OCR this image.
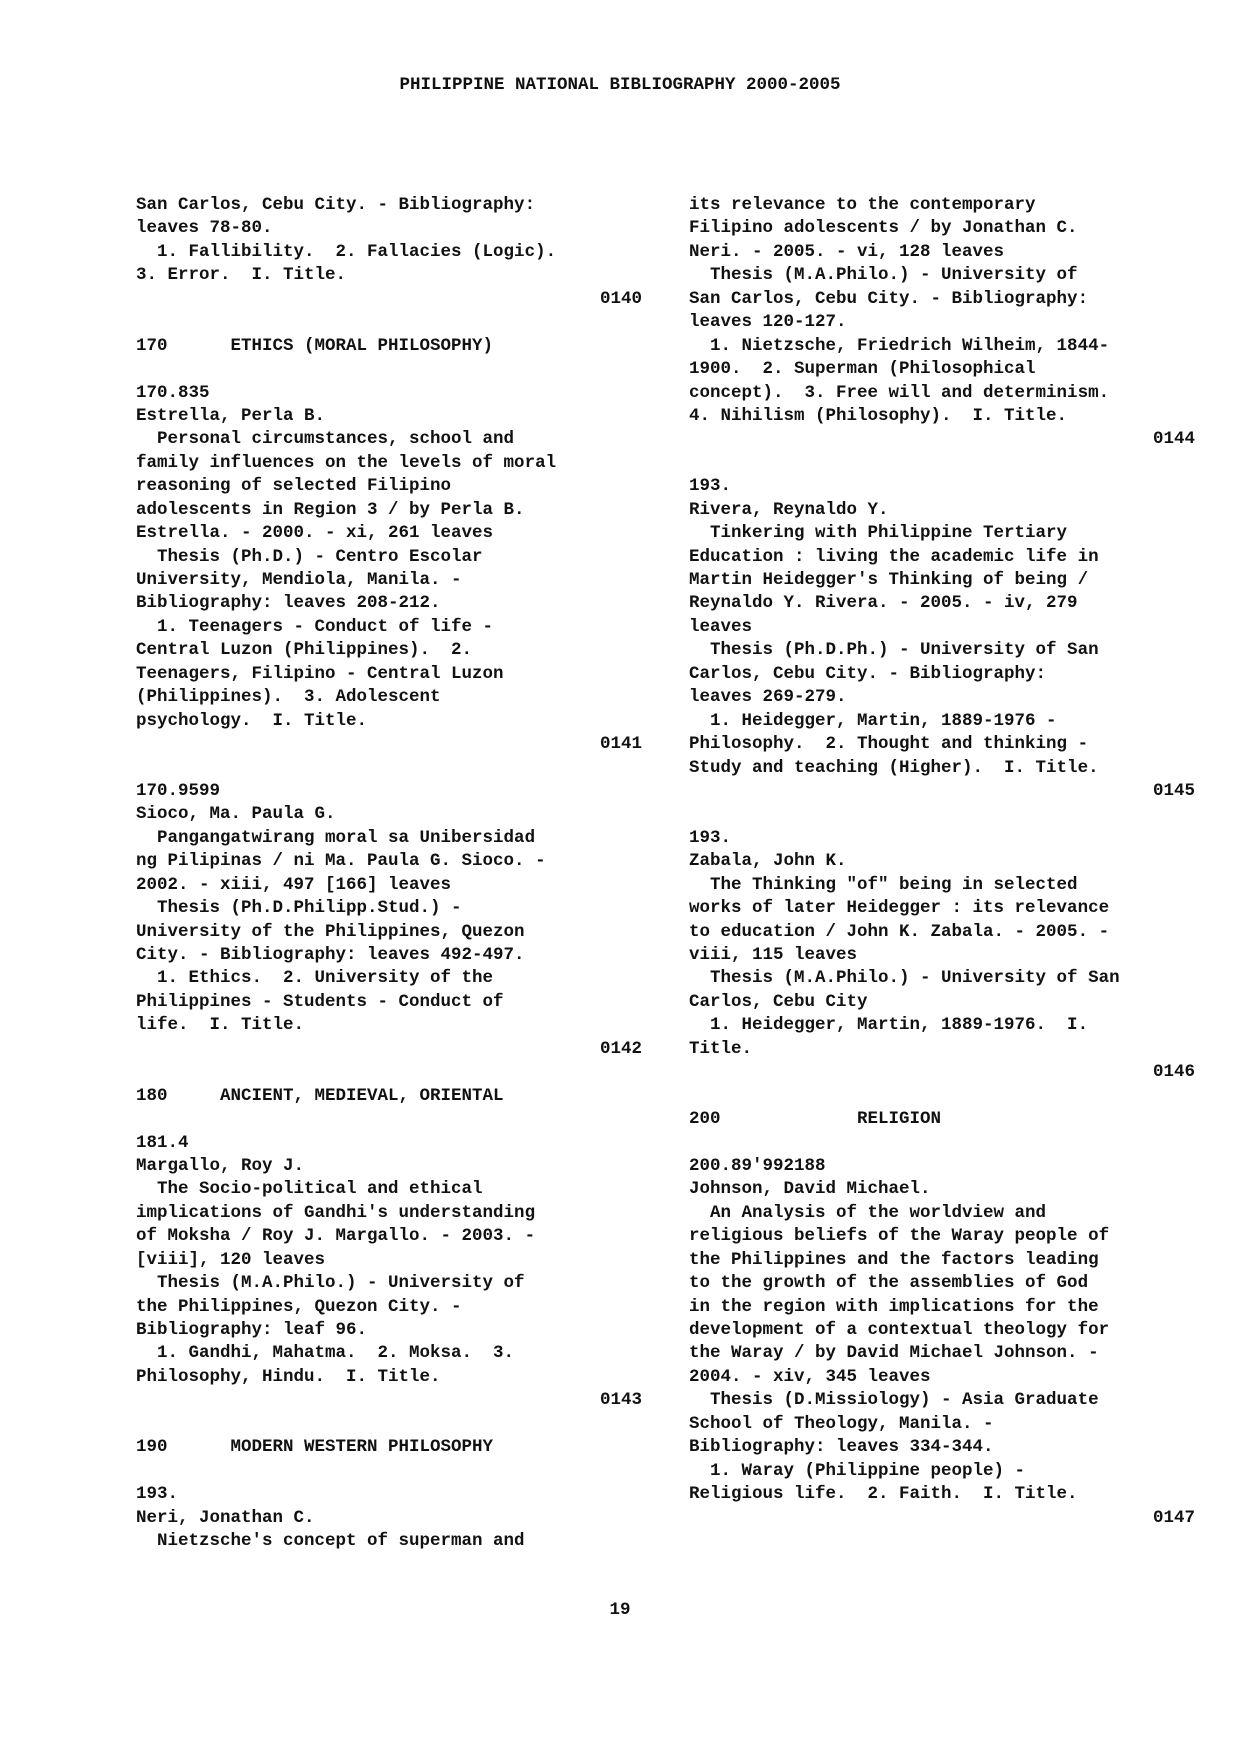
PHILIPPINE NATIONAL BIBLIOGRAPHY 2000-2005
San Carlos, Cebu City. - Bibliography:
leaves 78-80.
1. Fallibility.  2. Fallacies (Logic).
3. Error.  I. Title.
0140
170      ETHICS (MORAL PHILOSOPHY)
170.835
Estrella, Perla B.
Personal circumstances, school and
family influences on the levels of moral
reasoning of selected Filipino
adolescents in Region 3 / by Perla B.
Estrella. - 2000. - xi, 261 leaves
Thesis (Ph.D.) - Centro Escolar
University, Mendiola, Manila. -
Bibliography: leaves 208-212.
1. Teenagers - Conduct of life -
Central Luzon (Philippines).  2.
Teenagers, Filipino - Central Luzon
(Philippines).  3. Adolescent
psychology.  I. Title.
0141
170.9599
Sioco, Ma. Paula G.
Pangangatwirang moral sa Unibersidad
ng Pilipinas / ni Ma. Paula G. Sioco. -
2002. - xiii, 497 [166] leaves
Thesis (Ph.D.Philipp.Stud.) -
University of the Philippines, Quezon
City. - Bibliography: leaves 492-497.
1. Ethics.  2. University of the
Philippines - Students - Conduct of
life.  I. Title.
0142
180     ANCIENT, MEDIEVAL, ORIENTAL
181.4
Margallo, Roy J.
The Socio-political and ethical
implications of Gandhi's understanding
of Moksha / Roy J. Margallo. - 2003. -
[viii], 120 leaves
Thesis (M.A.Philo.) - University of
the Philippines, Quezon City. -
Bibliography: leaf 96.
1. Gandhi, Mahatma.  2. Moksa.  3.
Philosophy, Hindu.  I. Title.
0143
190      MODERN WESTERN PHILOSOPHY
193.
Neri, Jonathan C.
Nietzsche's concept of superman and
its relevance to the contemporary
Filipino adolescents / by Jonathan C.
Neri. - 2005. - vi, 128 leaves
Thesis (M.A.Philo.) - University of
San Carlos, Cebu City. - Bibliography:
leaves 120-127.
1. Nietzsche, Friedrich Wilheim, 1844-
1900.  2. Superman (Philosophical
concept).  3. Free will and determinism.
4. Nihilism (Philosophy).  I. Title.
0144
193.
Rivera, Reynaldo Y.
Tinkering with Philippine Tertiary
Education : living the academic life in
Martin Heidegger's Thinking of being /
Reynaldo Y. Rivera. - 2005. - iv, 279
leaves
Thesis (Ph.D.Ph.) - University of San
Carlos, Cebu City. - Bibliography:
leaves 269-279.
1. Heidegger, Martin, 1889-1976 -
Philosophy.  2. Thought and thinking -
Study and teaching (Higher).  I. Title.
0145
193.
Zabala, John K.
The Thinking "of" being in selected
works of later Heidegger : its relevance
to education / John K. Zabala. - 2005. -
viii, 115 leaves
Thesis (M.A.Philo.) - University of San
Carlos, Cebu City
1. Heidegger, Martin, 1889-1976.  I.
Title.
0146
200             RELIGION
200.89'992188
Johnson, David Michael.
An Analysis of the worldview and
religious beliefs of the Waray people of
the Philippines and the factors leading
to the growth of the assemblies of God
in the region with implications for the
development of a contextual theology for
the Waray / by David Michael Johnson. -
2004. - xiv, 345 leaves
Thesis (D.Missiology) - Asia Graduate
School of Theology, Manila. -
Bibliography: leaves 334-344.
1. Waray (Philippine people) -
Religious life.  2. Faith.  I. Title.
0147
19
